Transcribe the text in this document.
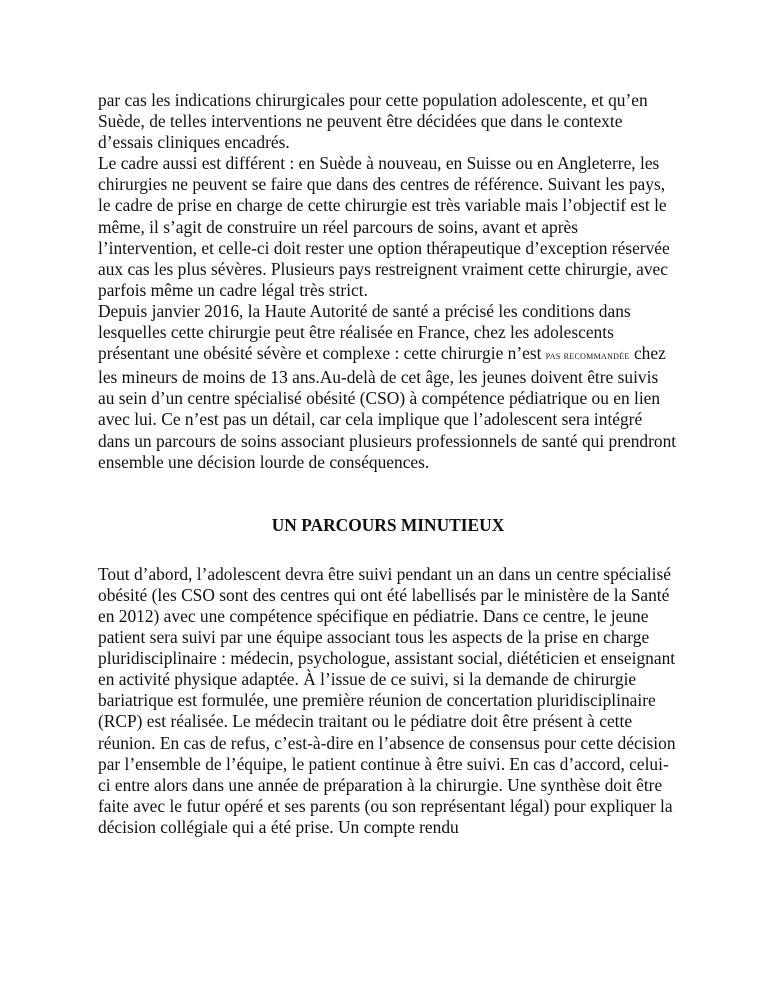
par cas les indications chirurgicales pour cette population adolescente, et qu’en Suède, de telles interventions ne peuvent être décidées que dans le contexte d’essais cliniques encadrés.

Le cadre aussi est différent : en Suède à nouveau, en Suisse ou en Angleterre, les chirurgies ne peuvent se faire que dans des centres de référence. Suivant les pays, le cadre de prise en charge de cette chirurgie est très variable mais l’objectif est le même, il s’agit de construire un réel parcours de soins, avant et après l’intervention, et celle-ci doit rester une option thérapeutique d’exception réservée aux cas les plus sévères. Plusieurs pays restreignent vraiment cette chirurgie, avec parfois même un cadre légal très strict.

Depuis janvier 2016, la Haute Autorité de santé a précisé les conditions dans lesquelles cette chirurgie peut être réalisée en France, chez les adolescents présentant une obésité sévère et complexe : cette chirurgie n’est pas recommandée chez les mineurs de moins de 13 ans.Au-delà de cet âge, les jeunes doivent être suivis au sein d’un centre spécialisé obésité (CSO) à compétence pédiatrique ou en lien avec lui. Ce n’est pas un détail, car cela implique que l’adolescent sera intégré dans un parcours de soins associant plusieurs professionnels de santé qui prendront ensemble une décision lourde de conséquences.

UN PARCOURS MINUTIEUX

Tout d’abord, l’adolescent devra être suivi pendant un an dans un centre spécialisé obésité (les CSO sont des centres qui ont été labellisés par le ministère de la Santé en 2012) avec une compétence spécifique en pédiatrie. Dans ce centre, le jeune patient sera suivi par une équipe associant tous les aspects de la prise en charge pluridisciplinaire : médecin, psychologue, assistant social, diététicien et enseignant en activité physique adaptée. À l’issue de ce suivi, si la demande de chirurgie bariatrique est formulée, une première réunion de concertation pluridisciplinaire (RCP) est réalisée. Le médecin traitant ou le pédiatre doit être présent à cette réunion. En cas de refus, c’est-à-dire en l’absence de consensus pour cette décision par l’ensemble de l’équipe, le patient continue à être suivi. En cas d’accord, celui-ci entre alors dans une année de préparation à la chirurgie. Une synthèse doit être faite avec le futur opéré et ses parents (ou son représentant légal) pour expliquer la décision collégiale qui a été prise. Un compte rendu
